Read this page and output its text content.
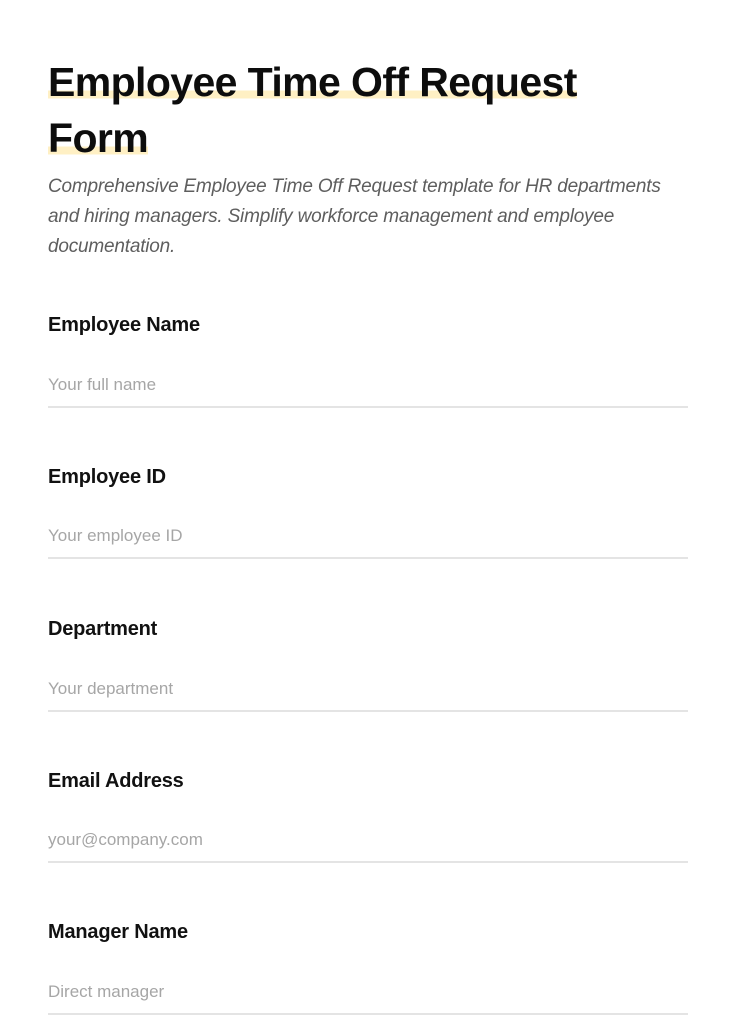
Employee Time Off Request
Form

Comprehensive Employee Time Off Request template for HR departments and hiring managers. Simplify workforce management and employee documentation.

Employee Name
Your full name
Employee ID
Your employee ID
Department
Your department
Email Address
your@company.com
Manager Name
Direct manager
